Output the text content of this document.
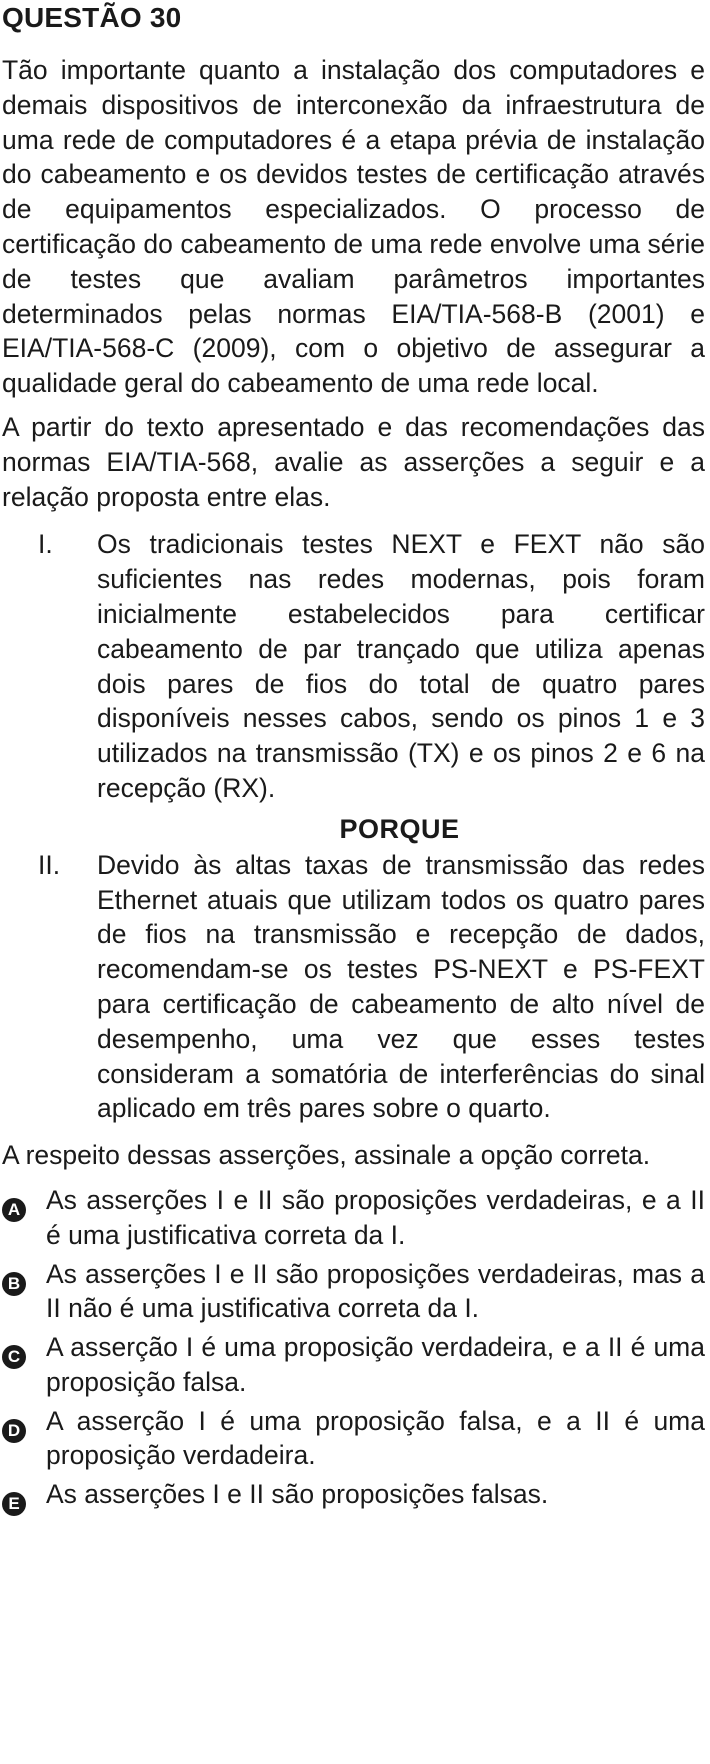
QUESTÃO 30

Tão importante quanto a instalação dos computadores e demais dispositivos de interconexão da infraestrutura de uma rede de computadores é a etapa prévia de instalação do cabeamento e os devidos testes de certificação através de equipamentos especializados. O processo de certificação do cabeamento de uma rede envolve uma série de testes que avaliam parâmetros importantes determinados pelas normas EIA/TIA-568-B (2001) e EIA/TIA-568-C (2009), com o objetivo de assegurar a qualidade geral do cabeamento de uma rede local.

A partir do texto apresentado e das recomendações das normas EIA/TIA-568, avalie as asserções a seguir e a relação proposta entre elas.

I.	Os tradicionais testes NEXT e FEXT não são suficientes nas redes modernas, pois foram inicialmente estabelecidos para certificar cabeamento de par trançado que utiliza apenas dois pares de fios do total de quatro pares disponíveis nesses cabos, sendo os pinos 1 e 3 utilizados na transmissão (TX) e os pinos 2 e 6 na recepção (RX).
PORQUE
II.	Devido às altas taxas de transmissão das redes Ethernet atuais que utilizam todos os quatro pares de fios na transmissão e recepção de dados, recomendam-se os testes PS-NEXT e PS-FEXT para certificação de cabeamento de alto nível de desempenho, uma vez que esses testes consideram a somatória de interferências do sinal aplicado em três pares sobre o quarto.

A respeito dessas asserções, assinale a opção correta.

A As asserções I e II são proposições verdadeiras, e a II é uma justificativa correta da I.
B As asserções I e II são proposições verdadeiras, mas a II não é uma justificativa correta da I.
C A asserção I é uma proposição verdadeira, e a II é uma proposição falsa.
D A asserção I é uma proposição falsa, e a II é uma proposição verdadeira.
E As asserções I e II são proposições falsas.
